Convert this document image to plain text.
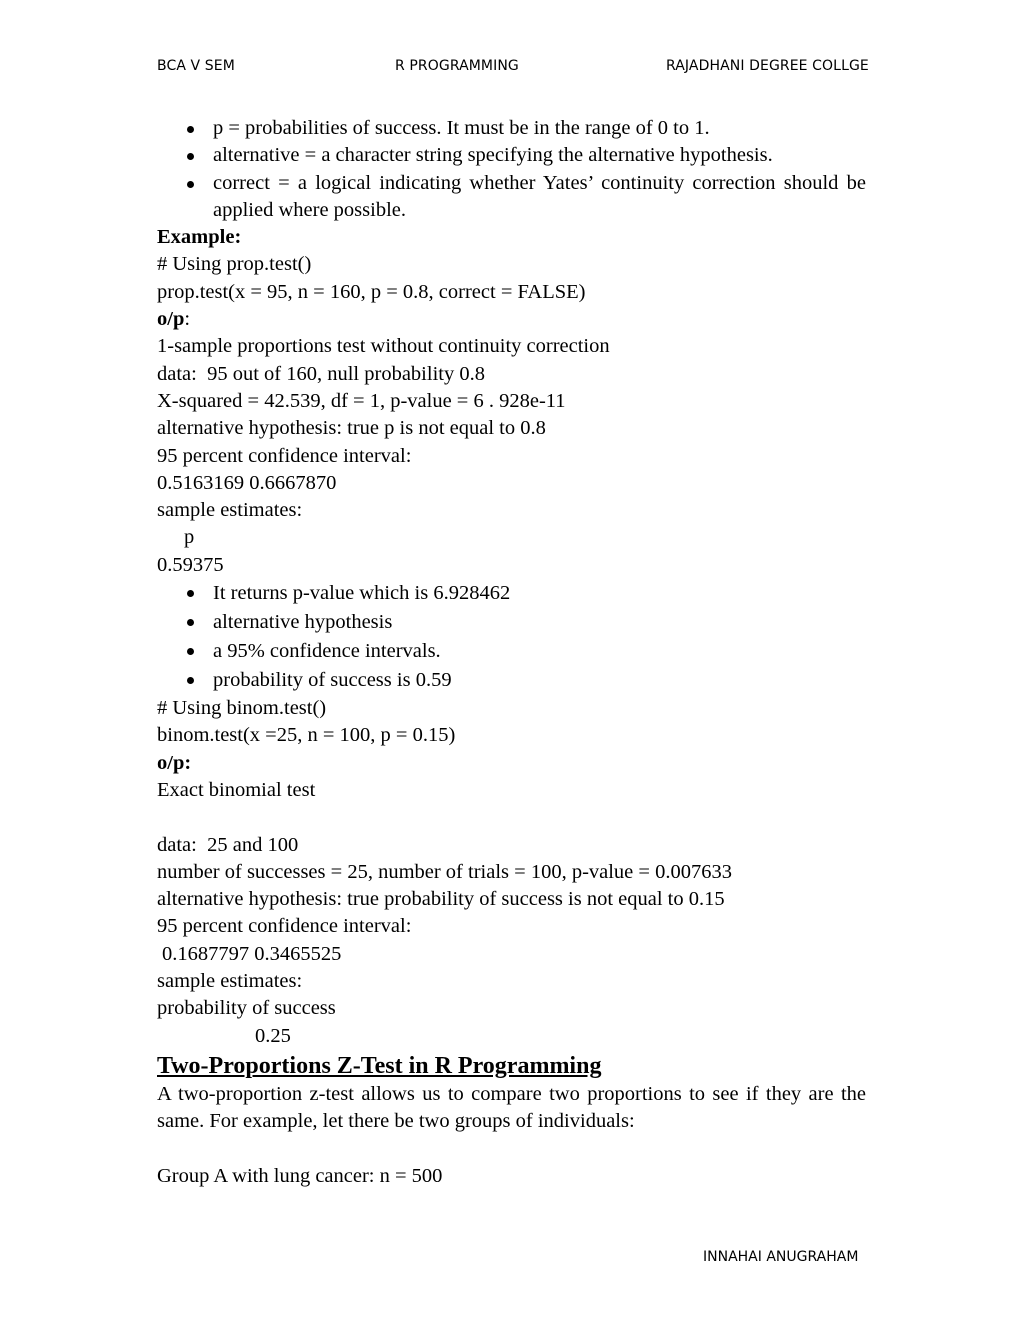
BCA V SEM	R PROGRAMMING	RAJADHANI DEGREE COLLGE
p = probabilities of success. It must be in the range of 0 to 1.
alternative = a character string specifying the alternative hypothesis.
correct = a logical indicating whether Yates’ continuity correction should be applied where possible.
Example:
# Using prop.test()
prop.test(x = 95, n = 160, p = 0.8, correct = FALSE)
o/p:
1-sample proportions test without continuity correction
data:  95 out of 160, null probability 0.8
X-squared = 42.539, df = 1, p-value = 6 . 928e-11
alternative hypothesis: true p is not equal to 0.8
95 percent confidence interval:
0.5163169 0.6667870
sample estimates:
p
0.59375
It returns p-value which is 6.928462
alternative hypothesis
a 95% confidence intervals.
probability of success is 0.59
# Using binom.test()
binom.test(x =25, n = 100, p = 0.15)
o/p:
Exact binomial test
data:  25 and 100
number of successes = 25, number of trials = 100, p-value = 0.007633
alternative hypothesis: true probability of success is not equal to 0.15
95 percent confidence interval:
0.1687797 0.3465525
sample estimates:
probability of success
0.25
Two-Proportions Z-Test in R Programming
A two-proportion z-test allows us to compare two proportions to see if they are the same. For example, let there be two groups of individuals:
Group A with lung cancer: n = 500
INNAHAI ANUGRAHAM
